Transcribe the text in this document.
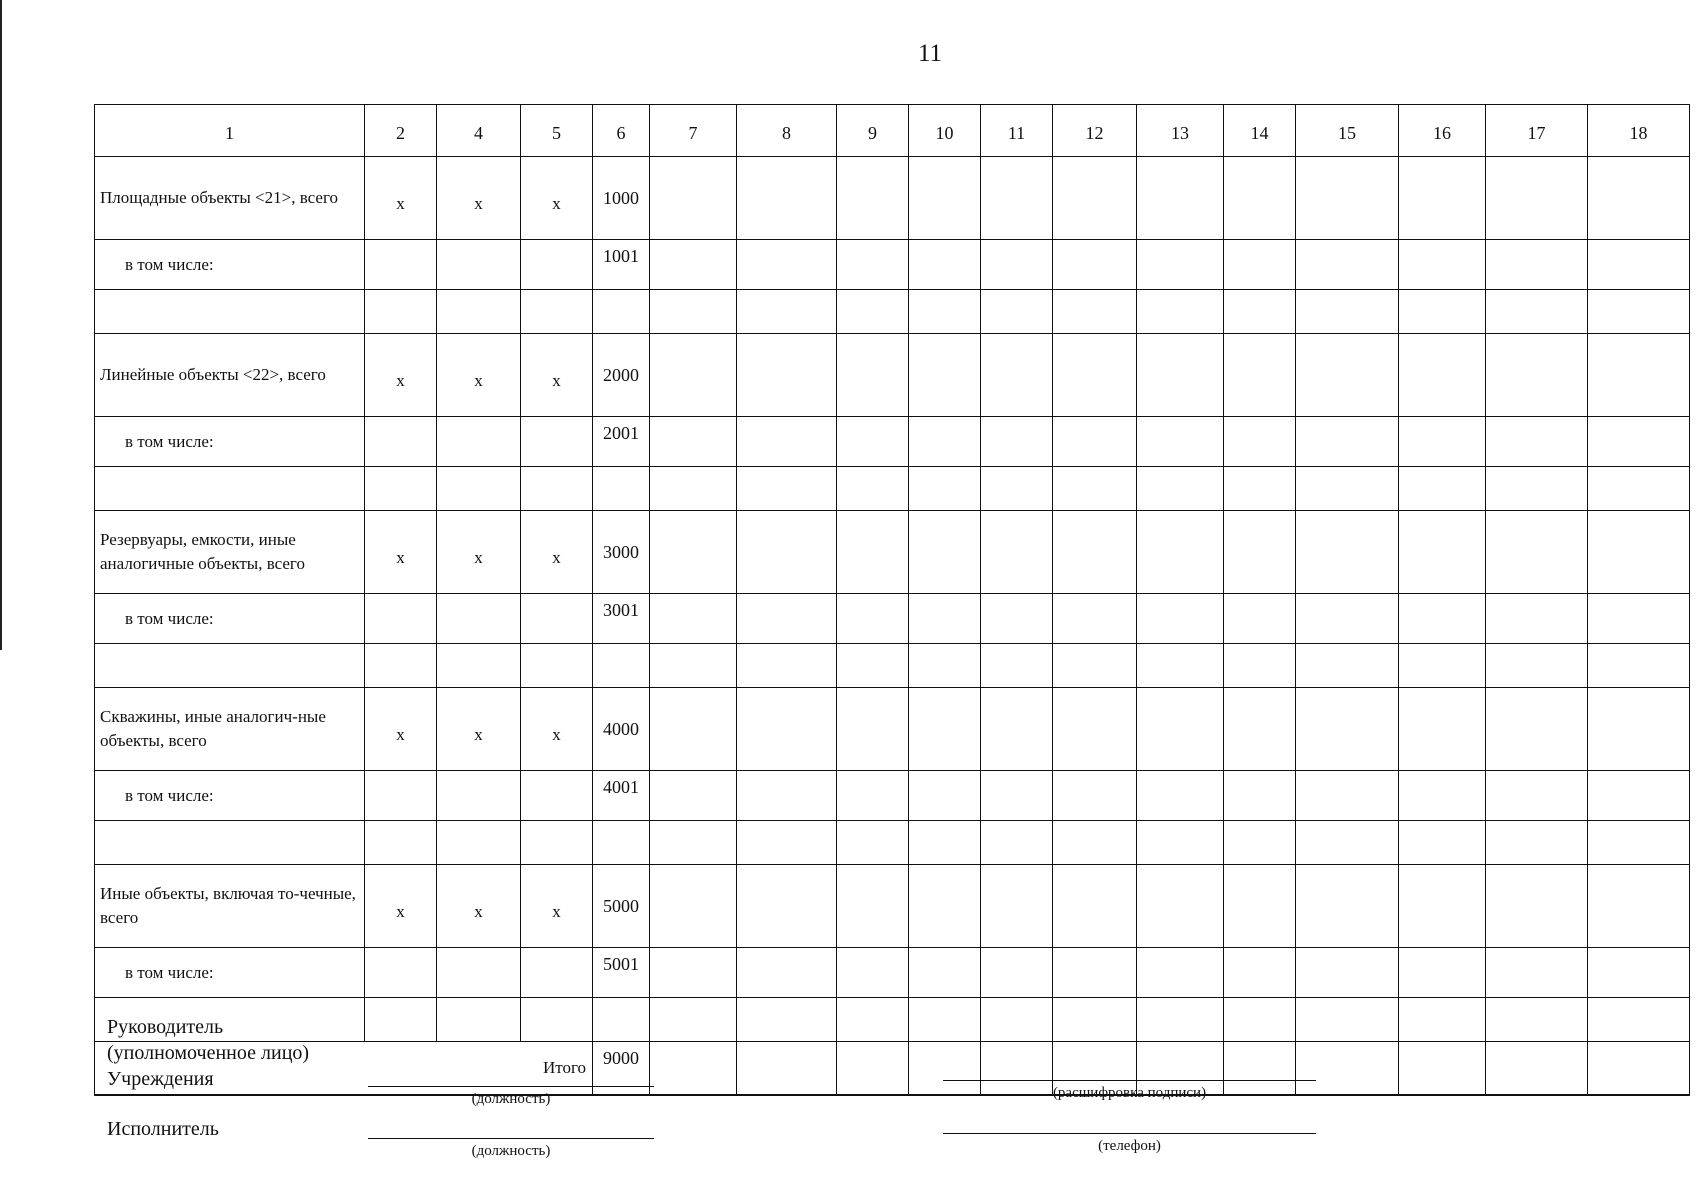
11
1	2	4	5	6	7	8	9	10	11	12	13	14	15	16	17	18
Площадные объекты <21>, всего	x	x	x	1000												
в том числе:				1001												

Линейные объекты <22>, всего	x	x	x	2000												
в том числе:				2001												

Резервуары, емкости, иные аналогичные объекты, всего	x	x	x	3000												
в том числе:				3001												

Скважины, иные аналогич-ные объекты, всего	x	x	x	4000												
в том числе:				4001												

Иные объекты, включая то-чечные, всего	x	x	x	5000												
в том числе:				5001												

Итого				9000												
Руководитель
(уполномоченное лицо)
Учреждения
(должность)	(расшифровка подписи)
Исполнитель
(должность)	(телефон)
